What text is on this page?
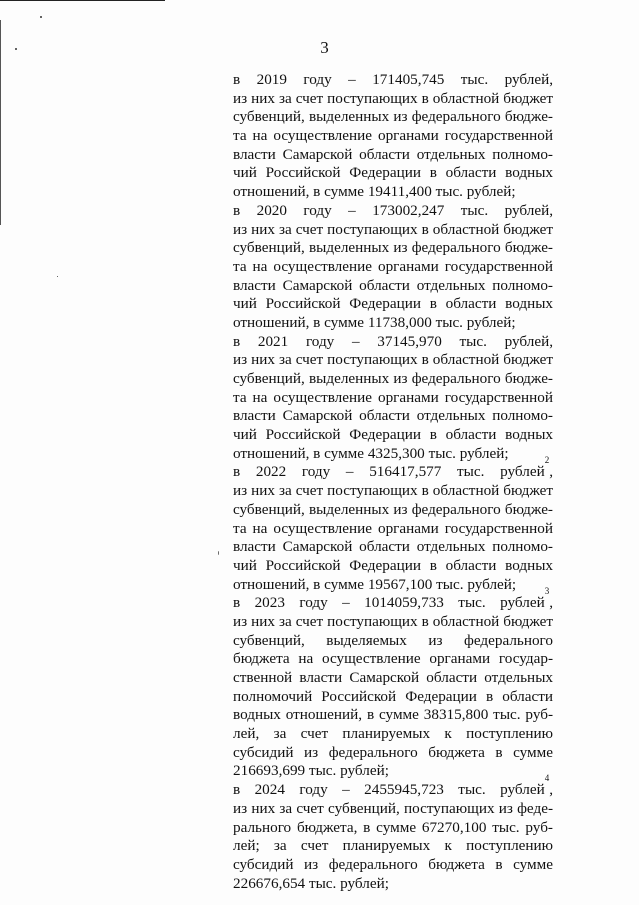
3
в 2019 году – 171405,745 тыс. рублей,
из них за счет поступающих в областной бюджет
субвенций, выделенных из федерального бюдже-
та на осуществление органами государственной
власти Самарской области отдельных полномо-
чий Российской Федерации в области водных
отношений, в сумме 19411,400 тыс. рублей;
в 2020 году – 173002,247 тыс. рублей,
из них за счет поступающих в областной бюджет
субвенций, выделенных из федерального бюдже-
та на осуществление органами государственной
власти Самарской области отдельных полномо-
чий Российской Федерации в области водных
отношений, в сумме 11738,000 тыс. рублей;
в 2021 году – 37145,970 тыс. рублей,
из них за счет поступающих в областной бюджет
субвенций, выделенных из федерального бюдже-
та на осуществление органами государственной
власти Самарской области отдельных полномо-
чий Российской Федерации в области водных
отношений, в сумме 4325,300 тыс. рублей;
в 2022 году – 516417,577 тыс. рублей$^2$,
из них за счет поступающих в областной бюджет
субвенций, выделенных из федерального бюдже-
та на осуществление органами государственной
власти Самарской области отдельных полномо-
чий Российской Федерации в области водных
отношений, в сумме 19567,100 тыс. рублей;
в 2023 году – 1014059,733 тыс. рублей$^3$,
из них за счет поступающих в областной бюджет
субвенций, выделяемых из федерального
бюджета на осуществление органами государ-
ственной власти Самарской области отдельных
полномочий Российской Федерации в области
водных отношений, в сумме 38315,800 тыс. руб-
лей, за счет планируемых к поступлению
субсидий из федерального бюджета в сумме
216693,699 тыс. рублей;
в 2024 году – 2455945,723 тыс. рублей$^4$,
из них за счет субвенций, поступающих из феде-
рального бюджета, в сумме 67270,100 тыс. руб-
лей; за счет планируемых к поступлению
субсидий из федерального бюджета в сумме
226676,654 тыс. рублей;
